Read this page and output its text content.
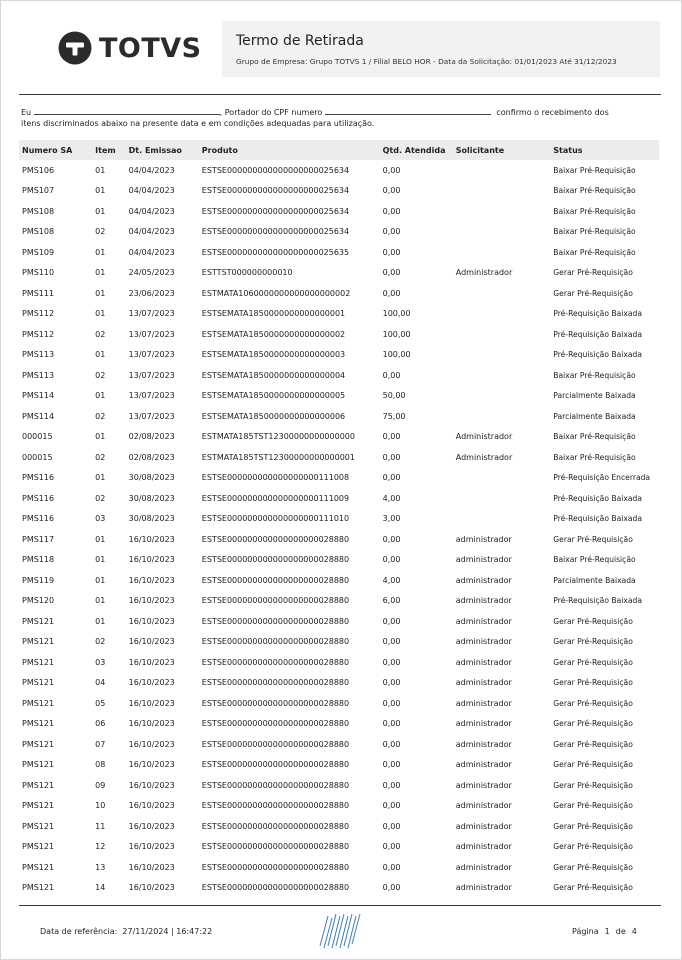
TOTVS Termo de Retirada
Grupo de Empresa: Grupo TOTVS 1 / Filial BELO HOR - Data da Solicitação: 01/01/2023 Até 31/12/2023
Eu	, Portador do CPF numero	confirmo o recebimento dos
itens discriminados abaixo na presente data e em condições adequadas para utilização.
Numero SA	Item	Dt. Emissao	Produto	Qtd. Atendida	Solicitante	Status
PMS106	01	04/04/2023	ESTSE000000000000000000025634	0,00		Baixar Pré-Requisição
PMS107	01	04/04/2023	ESTSE000000000000000000025634	0,00		Baixar Pré-Requisição
PMS108	01	04/04/2023	ESTSE000000000000000000025634	0,00		Baixar Pré-Requisição
PMS108	02	04/04/2023	ESTSE000000000000000000025634	0,00		Baixar Pré-Requisição
PMS109	01	04/04/2023	ESTSE000000000000000000025635	0,00		Baixar Pré-Requisição
PMS110	01	24/05/2023	ESTTST000000000010	0,00	Administrador	Gerar Pré-Requisição
PMS111	01	23/06/2023	ESTMATA1060000000000000000002	0,00		Gerar Pré-Requisição
PMS112	01	13/07/2023	ESTSEMATA1850000000000000001	100,00		Pré-Requisição Baixada
PMS112	02	13/07/2023	ESTSEMATA1850000000000000002	100,00		Pré-Requisição Baixada
PMS113	01	13/07/2023	ESTSEMATA1850000000000000003	100,00		Pré-Requisição Baixada
PMS113	02	13/07/2023	ESTSEMATA1850000000000000004	0,00		Baixar Pré-Requisição
PMS114	01	13/07/2023	ESTSEMATA1850000000000000005	50,00		Parcialmente Baixada
PMS114	02	13/07/2023	ESTSEMATA1850000000000000006	75,00		Parcialmente Baixada
000015	01	02/08/2023	ESTMATA185TST12300000000000000	0,00	Administrador	Baixar Pré-Requisição
000015	02	02/08/2023	ESTMATA185TST12300000000000001	0,00	Administrador	Baixar Pré-Requisição
PMS116	01	30/08/2023	ESTSE000000000000000000111008	0,00		Pré-Requisição Encerrada
PMS116	02	30/08/2023	ESTSE000000000000000000111009	4,00		Pré-Requisição Baixada
PMS116	03	30/08/2023	ESTSE000000000000000000111010	3,00		Pré-Requisição Baixada
PMS117	01	16/10/2023	ESTSE000000000000000000028880	0,00	administrador	Gerar Pré-Requisição
PMS118	01	16/10/2023	ESTSE000000000000000000028880	0,00	administrador	Baixar Pré-Requisição
PMS119	01	16/10/2023	ESTSE000000000000000000028880	4,00	administrador	Parcialmente Baixada
PMS120	01	16/10/2023	ESTSE000000000000000000028880	6,00	administrador	Pré-Requisição Baixada
PMS121	01	16/10/2023	ESTSE000000000000000000028880	0,00	administrador	Gerar Pré-Requisição
PMS121	02	16/10/2023	ESTSE000000000000000000028880	0,00	administrador	Gerar Pré-Requisição
PMS121	03	16/10/2023	ESTSE000000000000000000028880	0,00	administrador	Gerar Pré-Requisição
PMS121	04	16/10/2023	ESTSE000000000000000000028880	0,00	administrador	Gerar Pré-Requisição
PMS121	05	16/10/2023	ESTSE000000000000000000028880	0,00	administrador	Gerar Pré-Requisição
PMS121	06	16/10/2023	ESTSE000000000000000000028880	0,00	administrador	Gerar Pré-Requisição
PMS121	07	16/10/2023	ESTSE000000000000000000028880	0,00	administrador	Gerar Pré-Requisição
PMS121	08	16/10/2023	ESTSE000000000000000000028880	0,00	administrador	Gerar Pré-Requisição
PMS121	09	16/10/2023	ESTSE000000000000000000028880	0,00	administrador	Gerar Pré-Requisição
PMS121	10	16/10/2023	ESTSE000000000000000000028880	0,00	administrador	Gerar Pré-Requisição
PMS121	11	16/10/2023	ESTSE000000000000000000028880	0,00	administrador	Gerar Pré-Requisição
PMS121	12	16/10/2023	ESTSE000000000000000000028880	0,00	administrador	Gerar Pré-Requisição
PMS121	13	16/10/2023	ESTSE000000000000000000028880	0,00	administrador	Gerar Pré-Requisição
PMS121	14	16/10/2023	ESTSE000000000000000000028880	0,00	administrador	Gerar Pré-Requisição
Data de referência: 27/11/2024 | 16:47:22	Página 1 de 4
